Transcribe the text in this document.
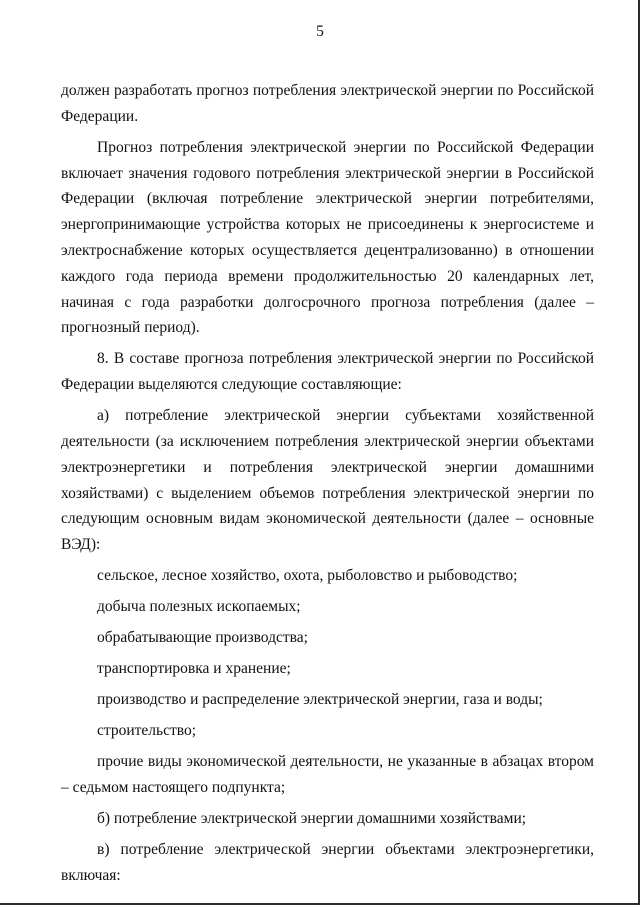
5

должен разработать прогноз потребления электрической энергии по Российской Федерации.

Прогноз потребления электрической энергии по Российской Федерации включает значения годового потребления электрической энергии в Российской Федерации (включая потребление электрической энергии потребителями, энергопринимающие устройства которых не присоединены к энергосистеме и электроснабжение которых осуществляется децентрализованно) в отношении каждого года периода времени продолжительностью 20 календарных лет, начиная с года разработки долгосрочного прогноза потребления (далее – прогнозный период).

8. В составе прогноза потребления электрической энергии по Российской Федерации выделяются следующие составляющие:

а) потребление электрической энергии субъектами хозяйственной деятельности (за исключением потребления электрической энергии объектами электроэнергетики и потребления электрической энергии домашними хозяйствами) с выделением объемов потребления электрической энергии по следующим основным видам экономической деятельности (далее – основные ВЭД):

сельское, лесное хозяйство, охота, рыболовство и рыбоводство;

добыча полезных ископаемых;

обрабатывающие производства;

транспортировка и хранение;

производство и распределение электрической энергии, газа и воды;

строительство;

прочие виды экономической деятельности, не указанные в абзацах втором – седьмом настоящего подпункта;

б) потребление электрической энергии домашними хозяйствами;

в) потребление электрической энергии объектами электроэнергетики, включая:
